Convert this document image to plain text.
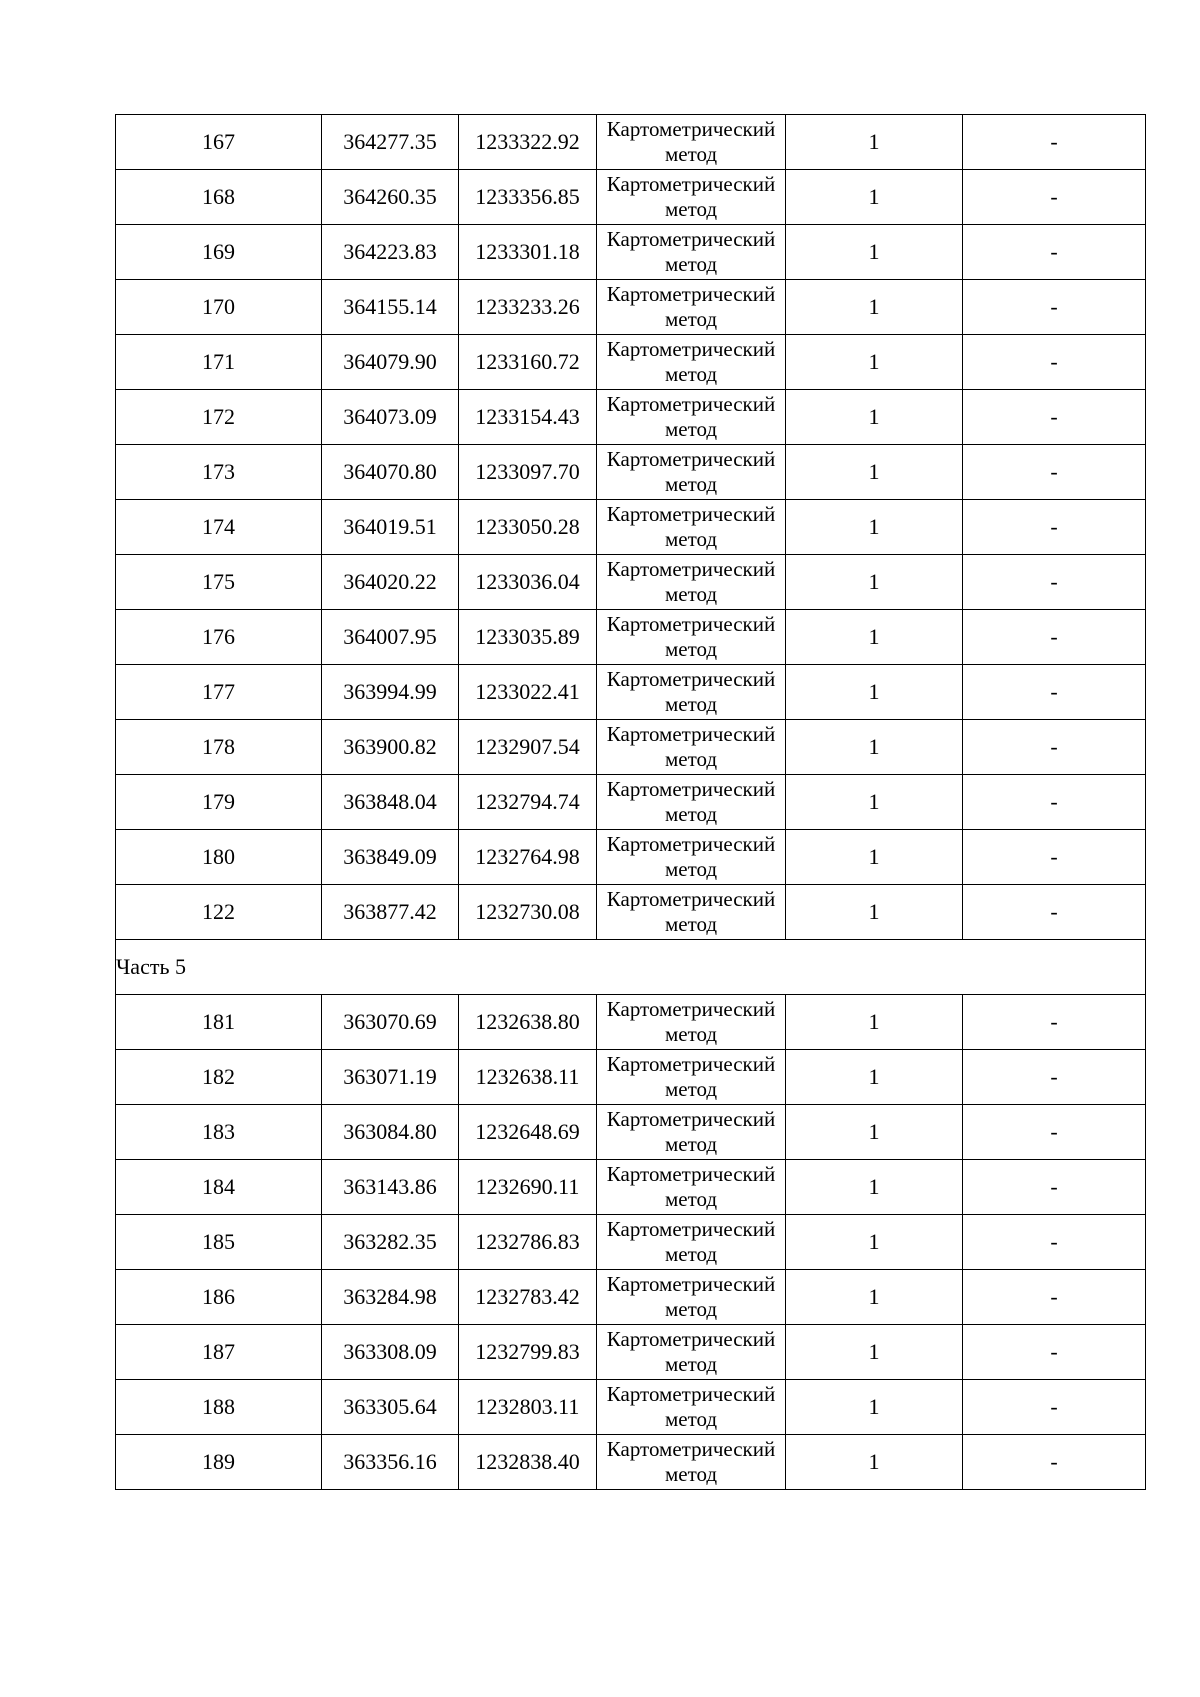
167	364277.35	1233322.92	Картометрический метод	1	-
168	364260.35	1233356.85	Картометрический метод	1	-
169	364223.83	1233301.18	Картометрический метод	1	-
170	364155.14	1233233.26	Картометрический метод	1	-
171	364079.90	1233160.72	Картометрический метод	1	-
172	364073.09	1233154.43	Картометрический метод	1	-
173	364070.80	1233097.70	Картометрический метод	1	-
174	364019.51	1233050.28	Картометрический метод	1	-
175	364020.22	1233036.04	Картометрический метод	1	-
176	364007.95	1233035.89	Картометрический метод	1	-
177	363994.99	1233022.41	Картометрический метод	1	-
178	363900.82	1232907.54	Картометрический метод	1	-
179	363848.04	1232794.74	Картометрический метод	1	-
180	363849.09	1232764.98	Картометрический метод	1	-
122	363877.42	1232730.08	Картометрический метод	1	-
Часть 5					
181	363070.69	1232638.80	Картометрический метод	1	-
182	363071.19	1232638.11	Картометрический метод	1	-
183	363084.80	1232648.69	Картометрический метод	1	-
184	363143.86	1232690.11	Картометрический метод	1	-
185	363282.35	1232786.83	Картометрический метод	1	-
186	363284.98	1232783.42	Картометрический метод	1	-
187	363308.09	1232799.83	Картометрический метод	1	-
188	363305.64	1232803.11	Картометрический метод	1	-
189	363356.16	1232838.40	Картометрический метод	1	-
